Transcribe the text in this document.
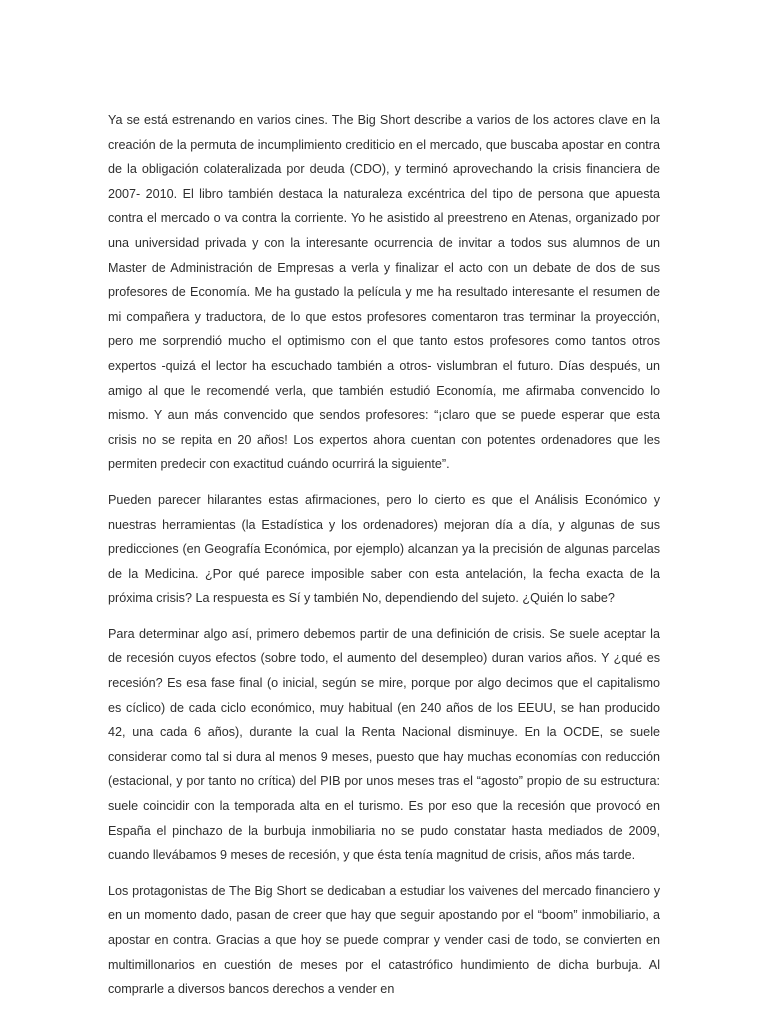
Ya se está estrenando en varios cines. The Big Short describe a varios de los actores clave en la creación de la permuta de incumplimiento crediticio en el mercado, que buscaba apostar en contra de la obligación colateralizada por deuda (CDO), y terminó aprovechando la crisis financiera de 2007- 2010. El libro también destaca la naturaleza excéntrica del tipo de persona que apuesta contra el mercado o va contra la corriente. Yo he asistido al preestreno en Atenas, organizado por una universidad privada y con la interesante ocurrencia de invitar a todos sus alumnos de un Master de Administración de Empresas a verla y finalizar el acto con un debate de dos de sus profesores de Economía. Me ha gustado la película y me ha resultado interesante el resumen de mi compañera y traductora, de lo que estos profesores comentaron tras terminar la proyección, pero me sorprendió mucho el optimismo con el que tanto estos profesores como tantos otros expertos -quizá el lector ha escuchado también a otros- vislumbran el futuro. Días después, un amigo al que le recomendé verla, que también estudió Economía, me afirmaba convencido lo mismo. Y aun más convencido que sendos profesores: “¡claro que se puede esperar que esta crisis no se repita en 20 años! Los expertos ahora cuentan con potentes ordenadores que les permiten predecir con exactitud cuándo ocurrirá la siguiente”.

Pueden parecer hilarantes estas afirmaciones, pero lo cierto es que el Análisis Económico y nuestras herramientas (la Estadística y los ordenadores) mejoran día a día, y algunas de sus predicciones (en Geografía Económica, por ejemplo) alcanzan ya la precisión de algunas parcelas de la Medicina. ¿Por qué parece imposible saber con esta antelación, la fecha exacta de la próxima crisis? La respuesta es Sí y también No, dependiendo del sujeto. ¿Quién lo sabe?

Para determinar algo así, primero debemos partir de una definición de crisis. Se suele aceptar la de recesión cuyos efectos (sobre todo, el aumento del desempleo) duran varios años. Y ¿qué es recesión? Es esa fase final (o inicial, según se mire, porque por algo decimos que el capitalismo es cíclico) de cada ciclo económico, muy habitual (en 240 años de los EEUU, se han producido 42, una cada 6 años), durante la cual la Renta Nacional disminuye. En la OCDE, se suele considerar como tal si dura al menos 9 meses, puesto que hay muchas economías con reducción (estacional, y por tanto no crítica) del PIB por unos meses tras el “agosto” propio de su estructura: suele coincidir con la temporada alta en el turismo. Es por eso que la recesión que provocó en España el pinchazo de la burbuja inmobiliaria no se pudo constatar hasta mediados de 2009, cuando llevábamos 9 meses de recesión, y que ésta tenía magnitud de crisis, años más tarde.

Los protagonistas de The Big Short se dedicaban a estudiar los vaivenes del mercado financiero y en un momento dado, pasan de creer que hay que seguir apostando por el “boom” inmobiliario, a apostar en contra. Gracias a que hoy se puede comprar y vender casi de todo, se convierten en multimillonarios en cuestión de meses por el catastrófico hundimiento de dicha burbuja. Al comprarle a diversos bancos derechos a vender en
